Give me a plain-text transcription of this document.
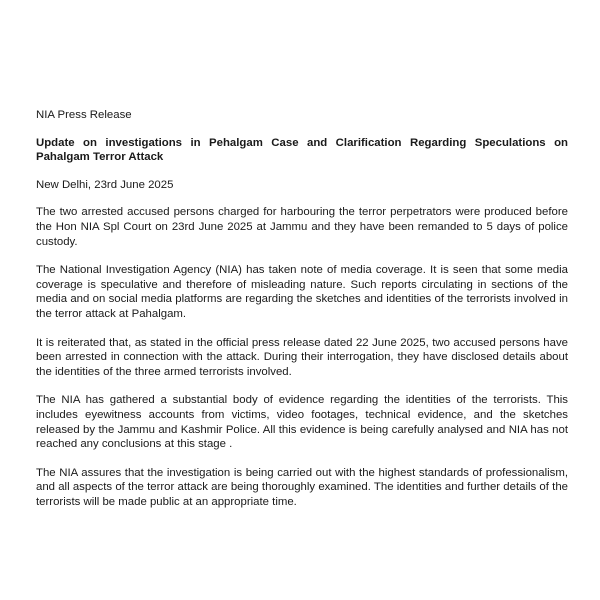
NIA Press Release

Update on investigations in Pehalgam Case and Clarification Regarding Speculations on Pahalgam Terror Attack

New Delhi, 23rd June 2025

The two arrested accused persons charged for harbouring the terror perpetrators were produced before the Hon NIA Spl Court on 23rd June 2025 at Jammu and they have been remanded to 5 days of police custody.

The National Investigation Agency (NIA) has taken note of media coverage. It is seen that some media coverage is speculative and therefore of misleading nature. Such reports circulating in sections of the media and on social media platforms are regarding the sketches and identities of the terrorists involved in the terror attack at Pahalgam.

It is reiterated that, as stated in the official press release dated 22 June 2025, two accused persons have been arrested in connection with the attack. During their interrogation, they have disclosed details about the identities of the three armed terrorists involved.

The NIA has gathered a substantial body of evidence regarding the identities of the terrorists. This includes eyewitness accounts from victims, video footages, technical evidence, and the sketches released by the Jammu and Kashmir Police. All this evidence is being carefully analysed and NIA has not reached any conclusions at this stage .

The NIA assures that the investigation is being carried out with the highest standards of professionalism, and all aspects of the terror attack are being thoroughly examined. The identities and further details of the terrorists will be made public at an appropriate time.
